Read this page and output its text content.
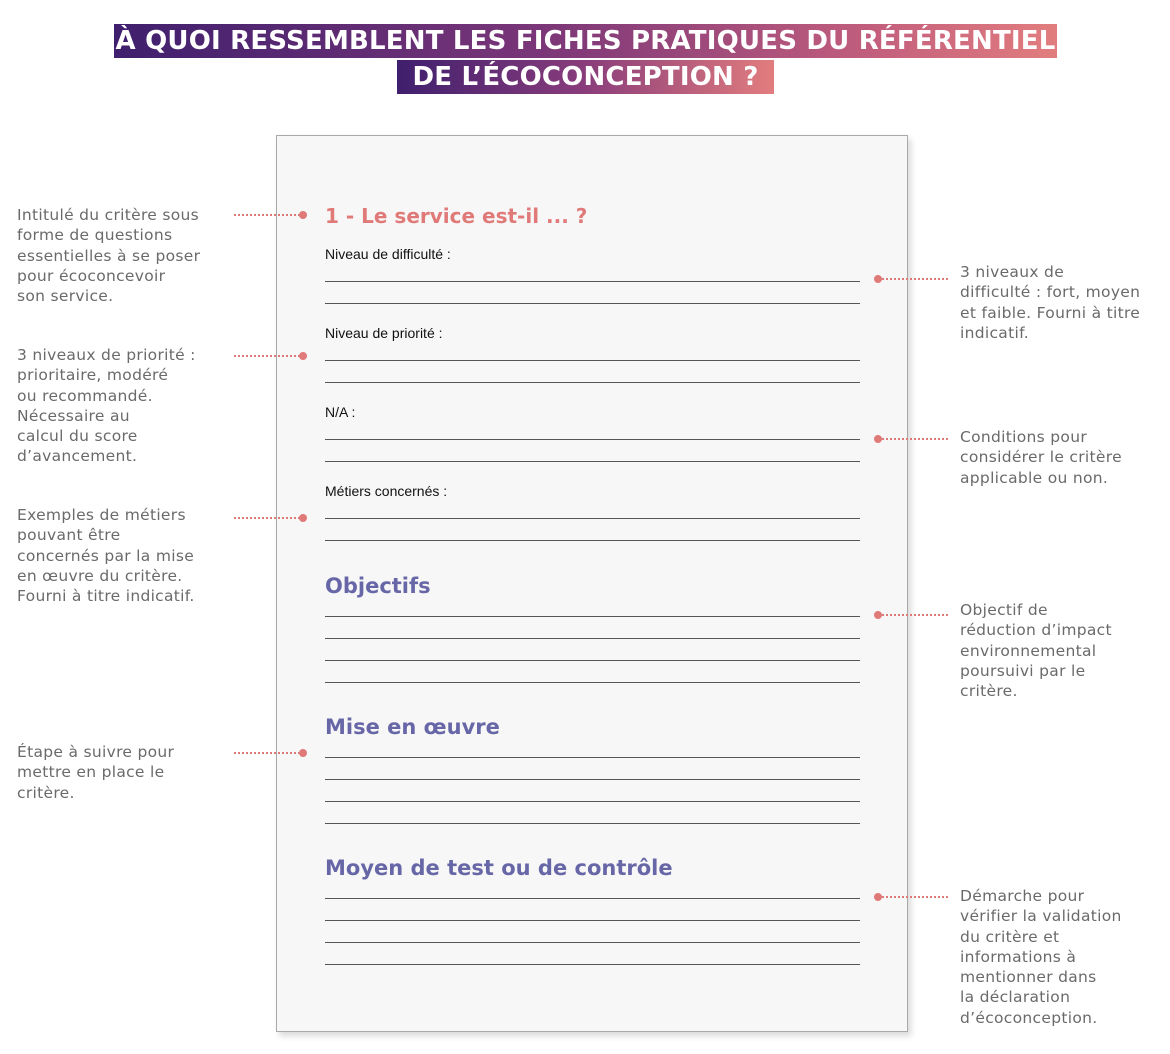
À QUOI RESSEMBLENT LES FICHES PRATIQUES DU RÉFÉRENTIEL
DE L’ÉCOCONCEPTION ?

1 - Le service est-il ... ?

Niveau de difficulté :

Niveau de priorité :

N/A :

Métiers concernés :

Objectifs

Mise en œuvre

Moyen de test ou de contrôle

Intitulé du critère sous
forme de questions
essentielles à se poser
pour écoconcevoir
son service.

3 niveaux de priorité :
prioritaire, modéré
ou recommandé.
Nécessaire au
calcul du score
d’avancement.

Exemples de métiers
pouvant être
concernés par la mise
en œuvre du critère.
Fourni à titre indicatif.

Étape à suivre pour
mettre en place le
critère.

3 niveaux de
difficulté : fort, moyen
et faible. Fourni à titre
indicatif.

Conditions pour
considérer le critère
applicable ou non.

Objectif de
réduction d’impact
environnemental
poursuivi par le
critère.

Démarche pour
vérifier la validation
du critère et
informations à
mentionner dans
la déclaration
d’écoconception.
